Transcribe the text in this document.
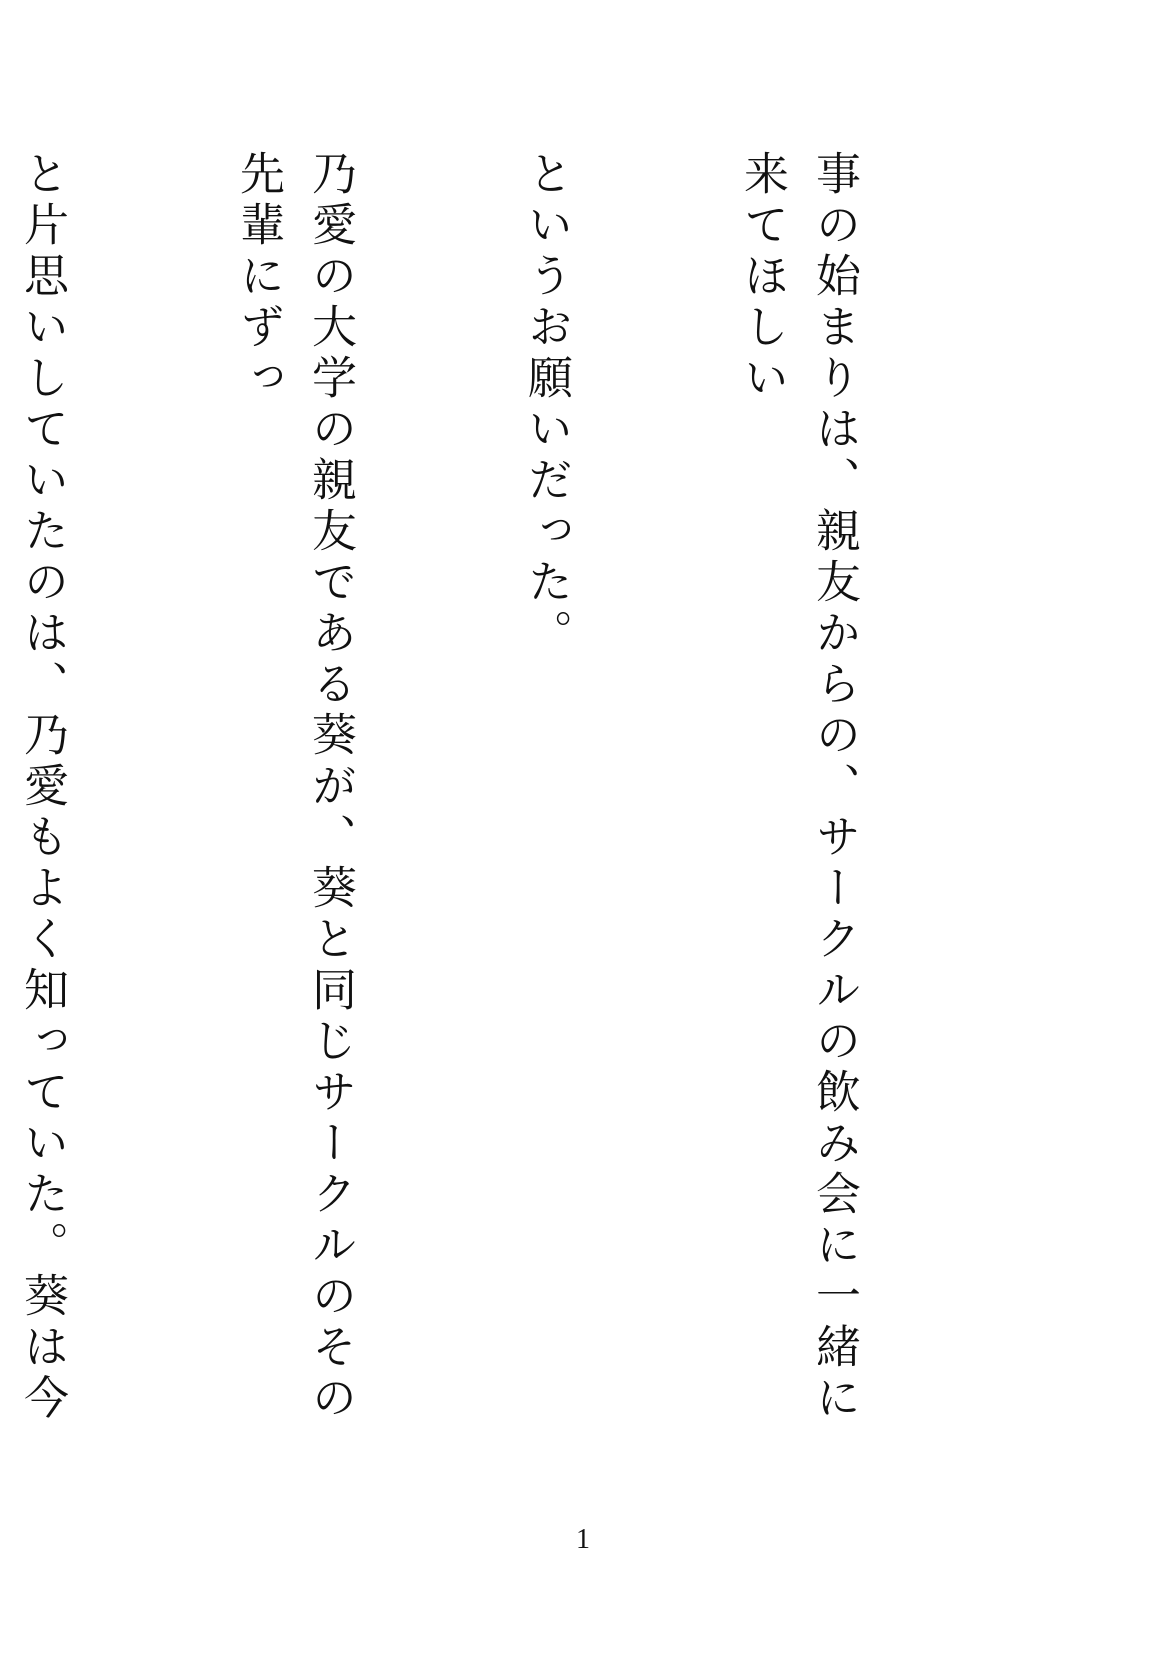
事の始まりは、親友からの、サークルの飲み会に一緒に来てほしい

というお願いだった。

乃愛の大学の親友である葵が、葵と同じサークルのその先輩にずっ

と片思いしていたのは、乃愛もよく知っていた。葵は今

1
